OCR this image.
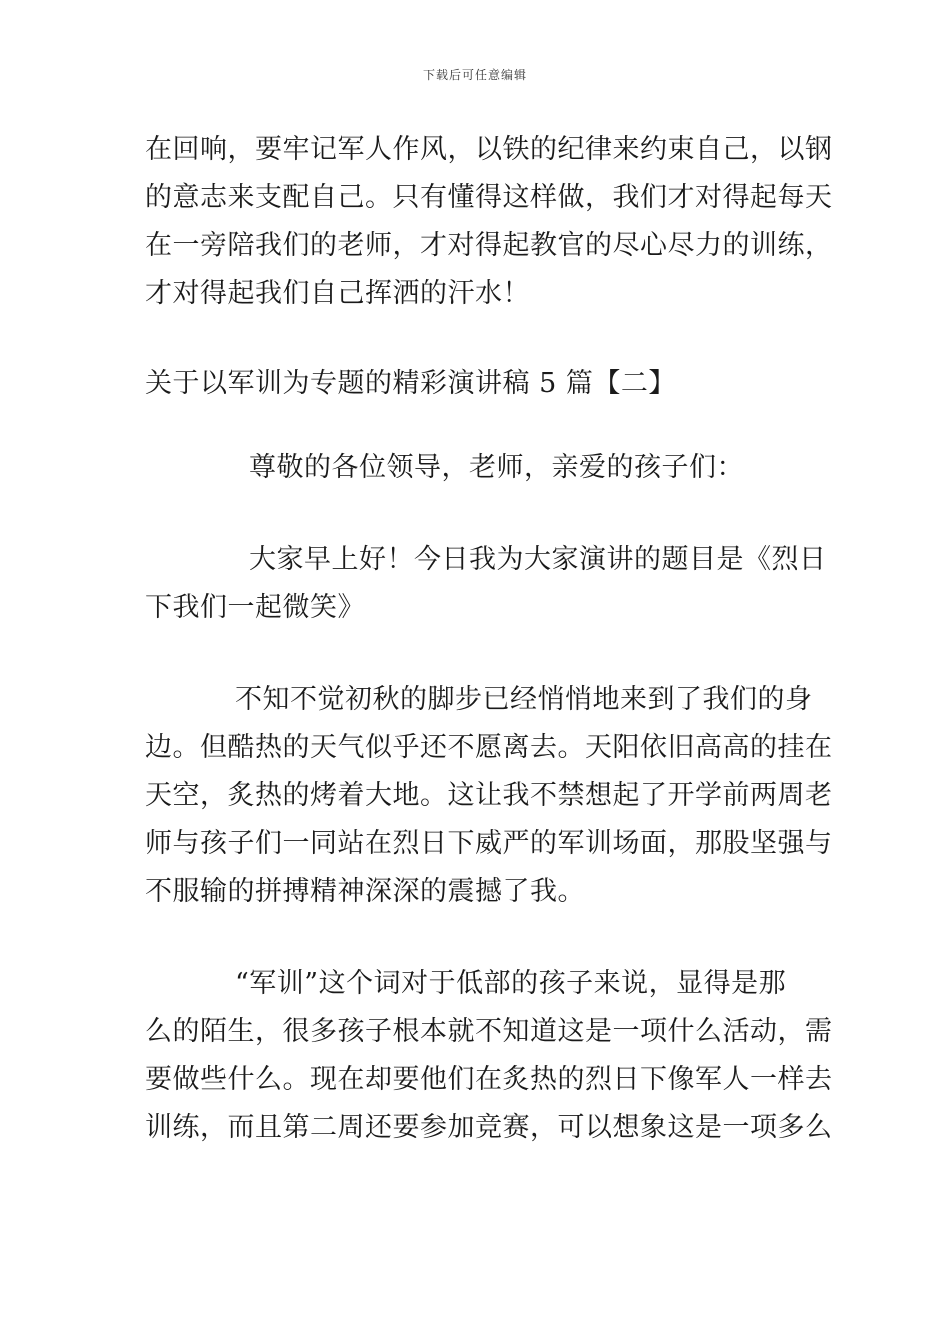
下载后可任意编辑
在回响，要牢记军人作风，以铁的纪律来约束自己，以钢
的意志来支配自己。只有懂得这样做，我们才对得起每天
在一旁陪我们的老师，才对得起教官的尽心尽力的训练，
才对得起我们自己挥洒的汗水！
关于以军训为专题的精彩演讲稿 5 篇【二】
尊敬的各位领导，老师，亲爱的孩子们：
大家早上好！今日我为大家演讲的题目是《烈日
下我们一起微笑》
不知不觉初秋的脚步已经悄悄地来到了我们的身
边。但酷热的天气似乎还不愿离去。天阳依旧高高的挂在
天空，炙热的烤着大地。这让我不禁想起了开学前两周老
师与孩子们一同站在烈日下威严的军训场面，那股坚强与
不服输的拼搏精神深深的震撼了我。
“军训”这个词对于低部的孩子来说，显得是那
么的陌生，很多孩子根本就不知道这是一项什么活动，需
要做些什么。现在却要他们在炙热的烈日下像军人一样去
训练，而且第二周还要参加竞赛，可以想象这是一项多么
